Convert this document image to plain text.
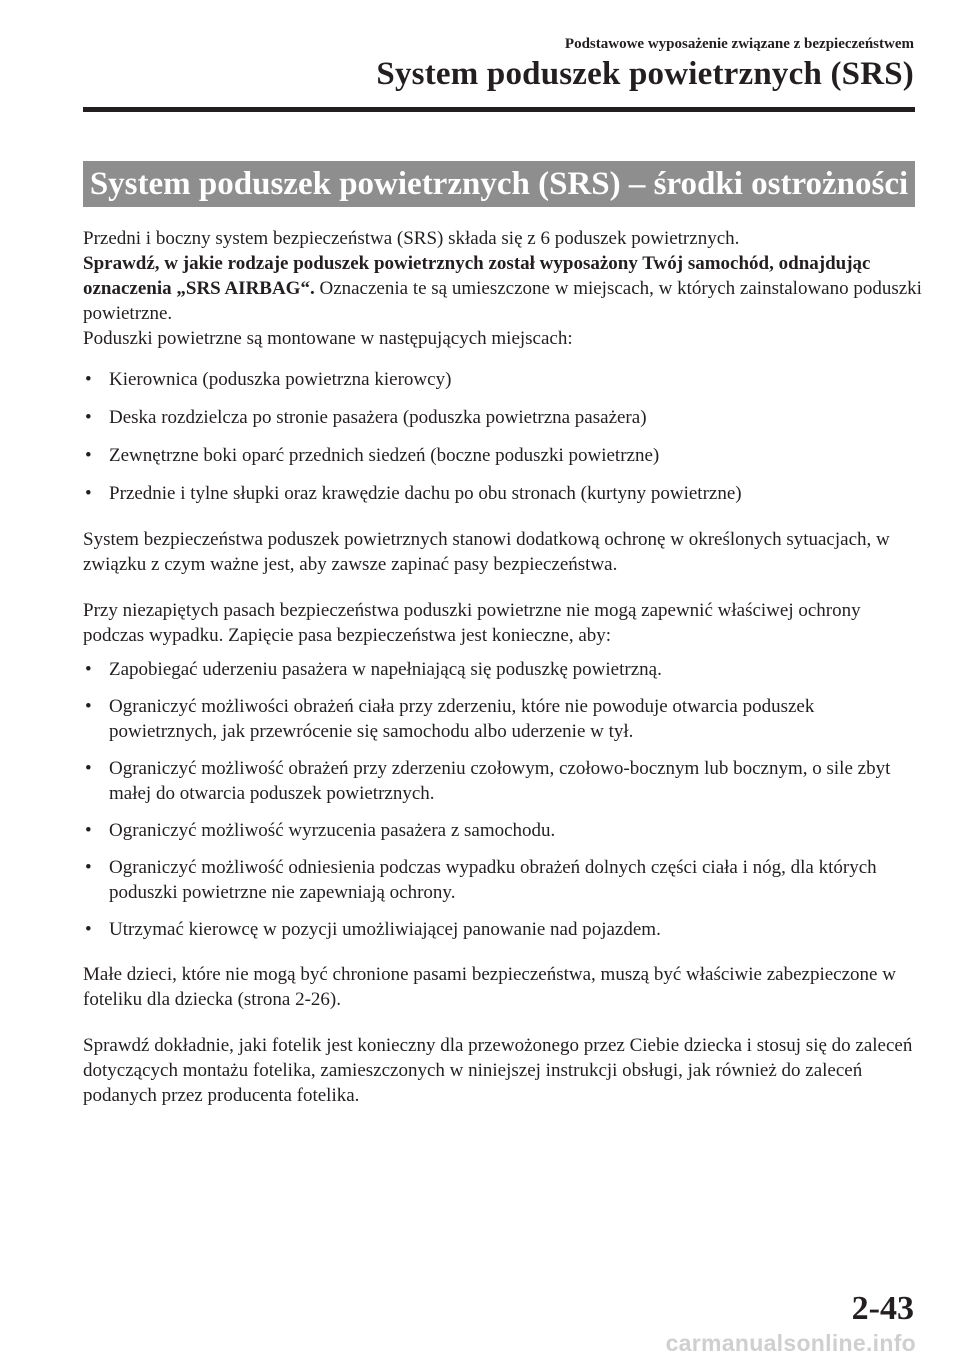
Podstawowe wyposażenie związane z bezpieczeństwem
System poduszek powietrznych (SRS)
System poduszek powietrznych (SRS) – środki ostrożności

Przedni i boczny system bezpieczeństwa (SRS) składa się z 6 poduszek powietrznych.
Sprawdź, w jakie rodzaje poduszek powietrznych został wyposażony Twój samochód, odnajdując oznaczenia „SRS AIRBAG“. Oznaczenia te są umieszczone w miejscach, w których zainstalowano poduszki powietrzne.
Poduszki powietrzne są montowane w następujących miejscach:

• Kierownica (poduszka powietrzna kierowcy)
• Deska rozdzielcza po stronie pasażera (poduszka powietrzna pasażera)
• Zewnętrzne boki oparć przednich siedzeń (boczne poduszki powietrzne)
• Przednie i tylne słupki oraz krawędzie dachu po obu stronach (kurtyny powietrzne)

System bezpieczeństwa poduszek powietrznych stanowi dodatkową ochronę w określonych sytuacjach, w związku z czym ważne jest, aby zawsze zapinać pasy bezpieczeństwa.

Przy niezapiętych pasach bezpieczeństwa poduszki powietrzne nie mogą zapewnić właściwej ochrony podczas wypadku. Zapięcie pasa bezpieczeństwa jest konieczne, aby:

• Zapobiegać uderzeniu pasażera w napełniającą się poduszkę powietrzną.
• Ograniczyć możliwości obrażeń ciała przy zderzeniu, które nie powoduje otwarcia poduszek powietrznych, jak przewrócenie się samochodu albo uderzenie w tył.
• Ograniczyć możliwość obrażeń przy zderzeniu czołowym, czołowo-bocznym lub bocznym, o sile zbyt małej do otwarcia poduszek powietrznych.
• Ograniczyć możliwość wyrzucenia pasażera z samochodu.
• Ograniczyć możliwość odniesienia podczas wypadku obrażeń dolnych części ciała i nóg, dla których poduszki powietrzne nie zapewniają ochrony.
• Utrzymać kierowcę w pozycji umożliwiającej panowanie nad pojazdem.

Małe dzieci, które nie mogą być chronione pasami bezpieczeństwa, muszą być właściwie zabezpieczone w foteliku dla dziecka (strona 2-26).

Sprawdź dokładnie, jaki fotelik jest konieczny dla przewożonego przez Ciebie dziecka i stosuj się do zaleceń dotyczących montażu fotelika, zamieszczonych w niniejszej instrukcji obsługi, jak również do zaleceń podanych przez producenta fotelika.

2-43
carmanualsonline.info
